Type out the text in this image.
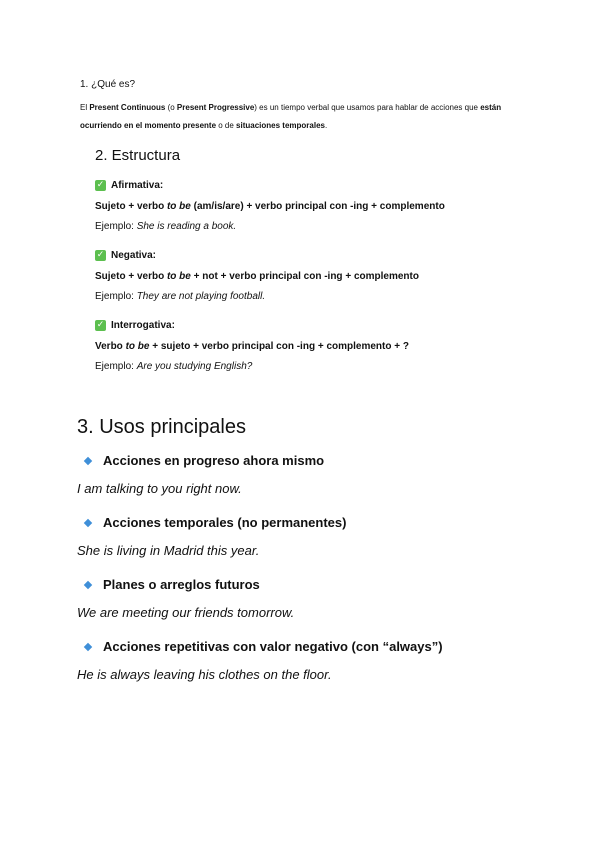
1. ¿Qué es?

El Present Continuous (o Present Progressive) es un tiempo verbal que usamos para hablar de acciones que están ocurriendo en el momento presente o de situaciones temporales.

2. Estructura
✓ Afirmativa:
Sujeto + verbo to be (am/is/are) + verbo principal con -ing + complemento
Ejemplo: She is reading a book.
✓ Negativa:
Sujeto + verbo to be + not + verbo principal con -ing + complemento
Ejemplo: They are not playing football.
✓ Interrogativa:
Verbo to be + sujeto + verbo principal con -ing + complemento + ?
Ejemplo: Are you studying English?
3. Usos principales
Acciones en progreso ahora mismo
I am talking to you right now.
Acciones temporales (no permanentes)
She is living in Madrid this year.
Planes o arreglos futuros
We are meeting our friends tomorrow.
Acciones repetitivas con valor negativo (con “always”)
He is always leaving his clothes on the floor.
